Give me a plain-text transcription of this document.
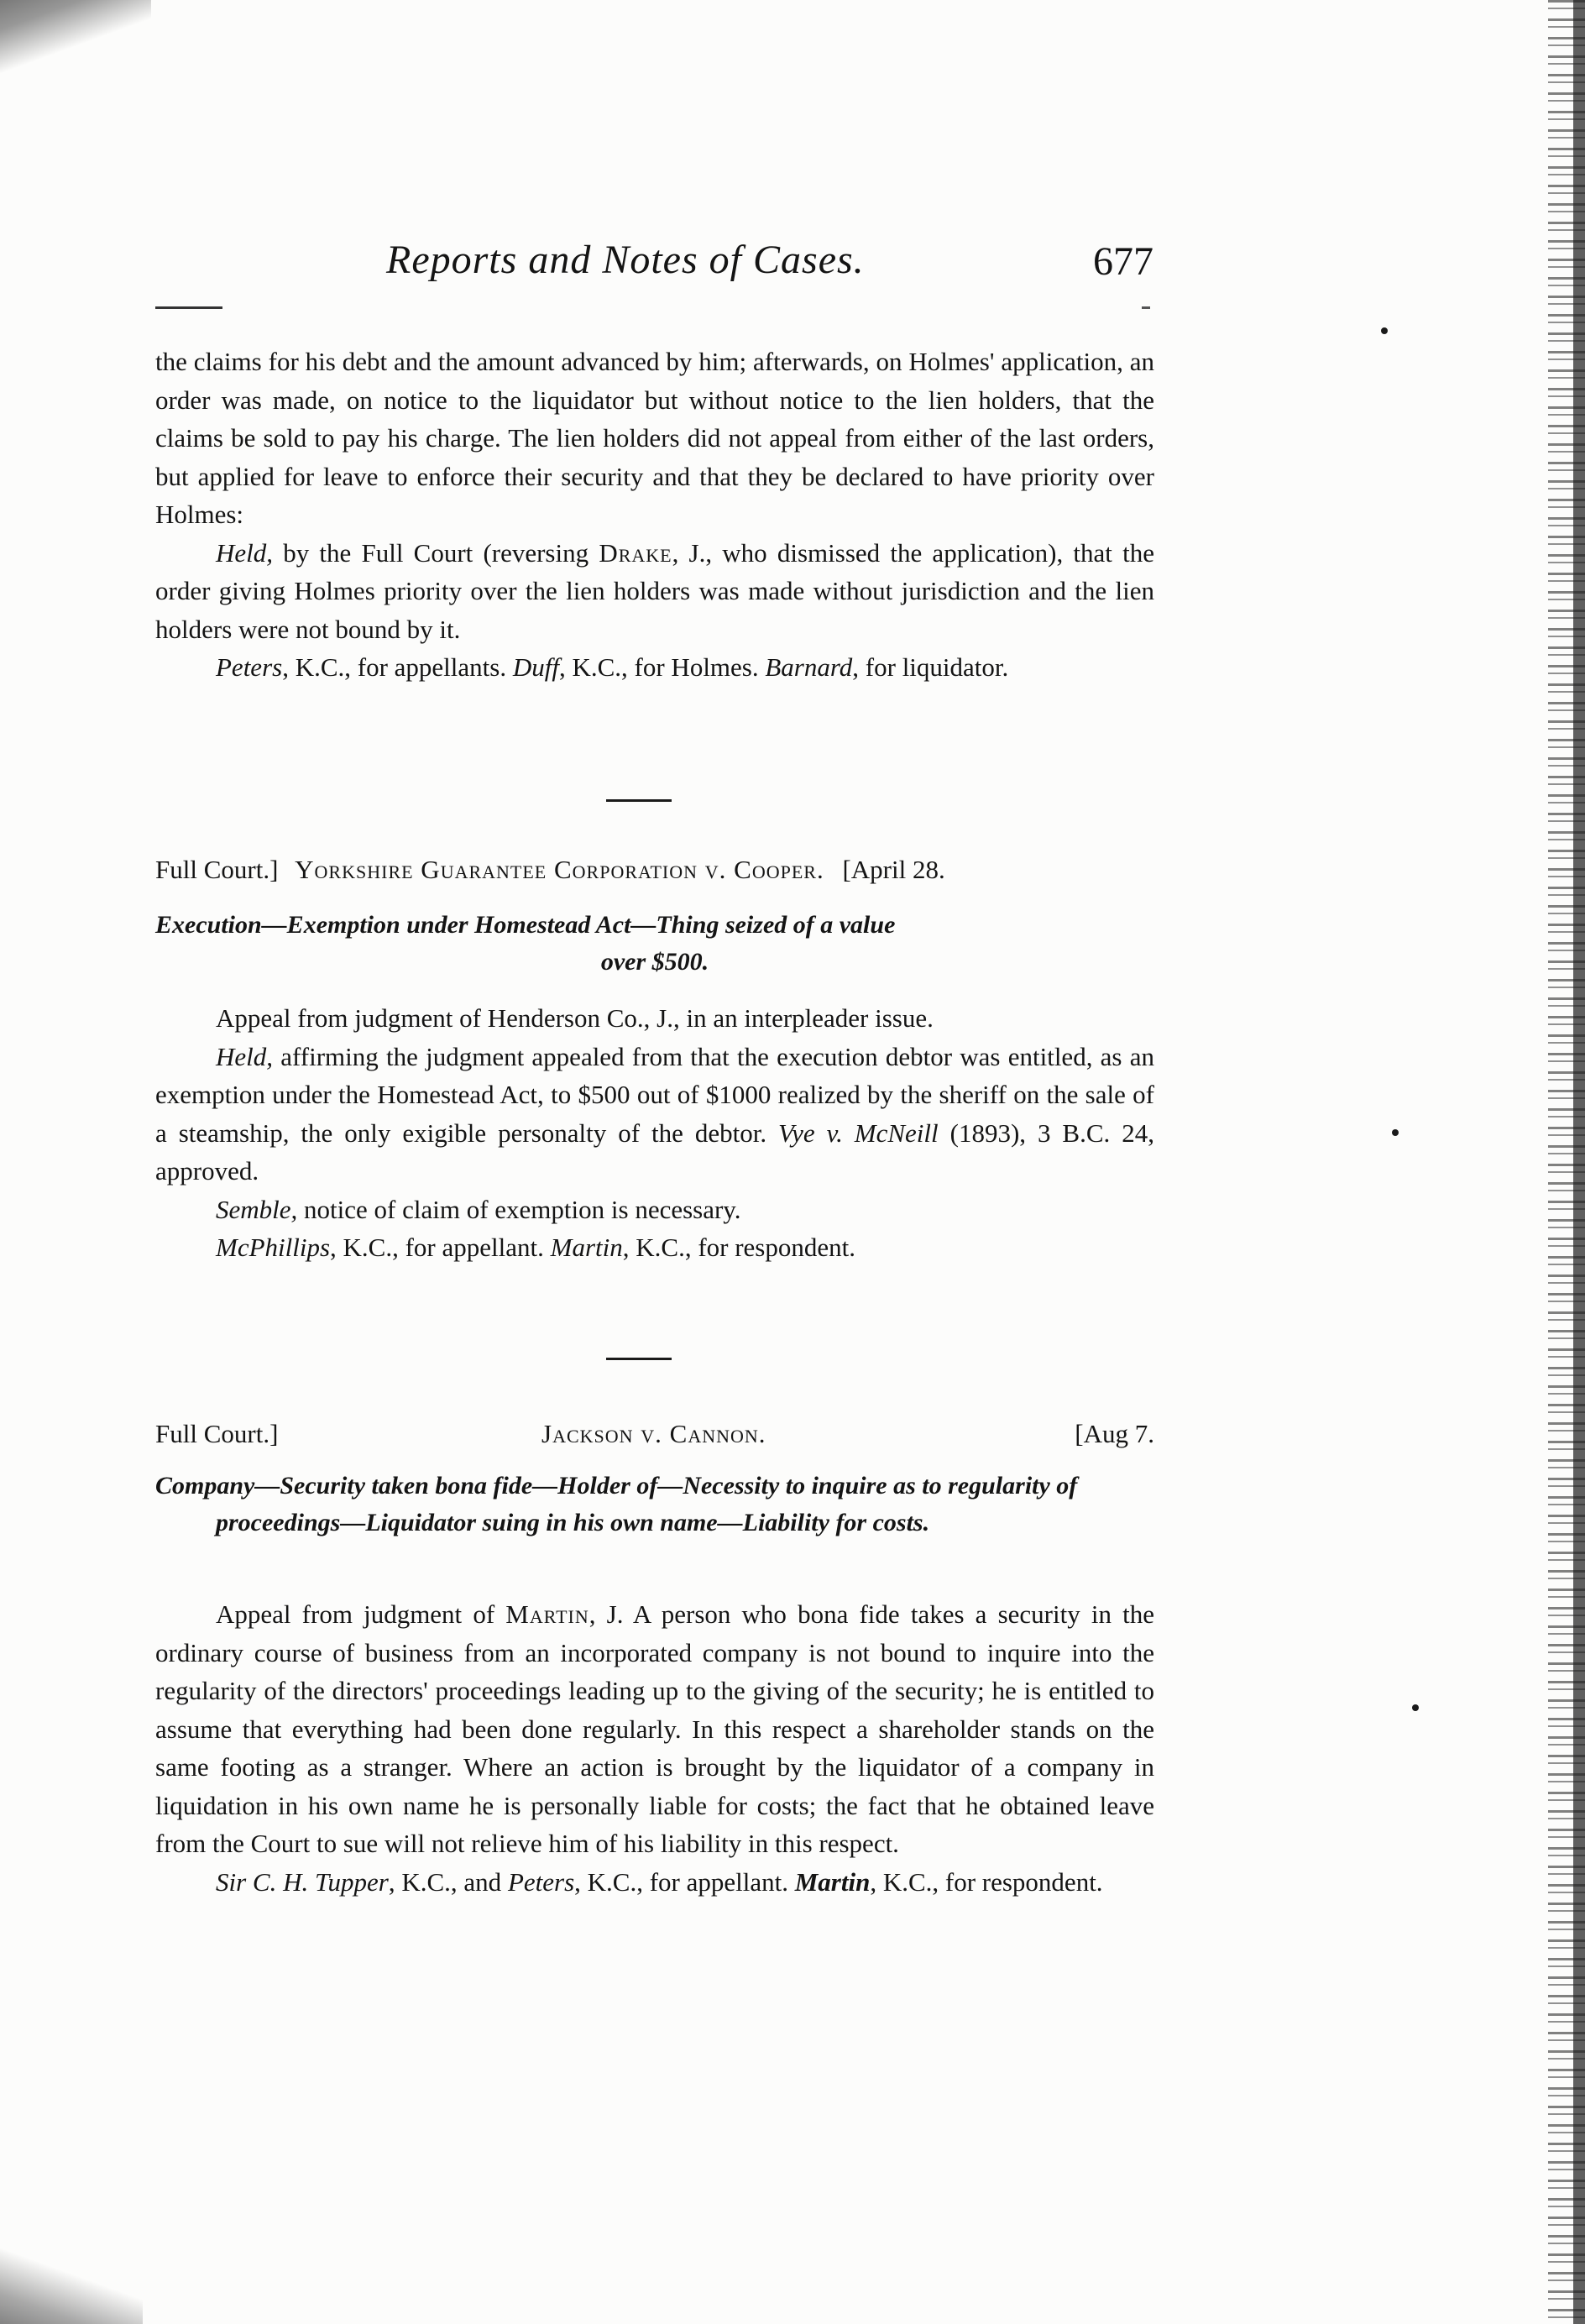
Reports and Notes of Cases.	677

the claims for his debt and the amount advanced by him; afterwards, on Holmes' application, an order was made, on notice to the liquidator but without notice to the lien holders, that the claims be sold to pay his charge. The lien holders did not appeal from either of the last orders, but applied for leave to enforce their security and that they be declared to have priority over Holmes:

Held, by the Full Court (reversing Drake, J., who dismissed the application), that the order giving Holmes priority over the lien holders was made without jurisdiction and the lien holders were not bound by it.

Peters, K.C., for appellants. Duff, K.C., for Holmes. Barnard, for liquidator.

Full Court.] Yorkshire Guarantee Corporation v. Cooper. [April 28.
Execution—Exemption under Homestead Act—Thing seized of a value
over $500.

Appeal from judgment of Henderson Co., J., in an interpleader issue.

Held, affirming the judgment appealed from that the execution debtor was entitled, as an exemption under the Homestead Act, to $500 out of $1000 realized by the sheriff on the sale of a steamship, the only exigible personalty of the debtor. Vye v. McNeill (1893), 3 B.C. 24, approved.

Semble, notice of claim of exemption is necessary.

McPhillips, K.C., for appellant. Martin, K.C., for respondent.

Full Court.]	Jackson v. Cannon.	[Aug 7.
Company—Security taken bona fide—Holder of—Necessity to inquire as to regularity of proceedings—Liquidator suing in his own name—Liability for costs.

Appeal from judgment of Martin, J. A person who bona fide takes a security in the ordinary course of business from an incorporated company is not bound to inquire into the regularity of the directors' proceedings leading up to the giving of the security; he is entitled to assume that everything had been done regularly. In this respect a shareholder stands on the same footing as a stranger. Where an action is brought by the liquidator of a company in liquidation in his own name he is personally liable for costs; the fact that he obtained leave from the Court to sue will not relieve him of his liability in this respect.

Sir C. H. Tupper, K.C., and Peters, K.C., for appellant. Martin, K.C., for respondent.
